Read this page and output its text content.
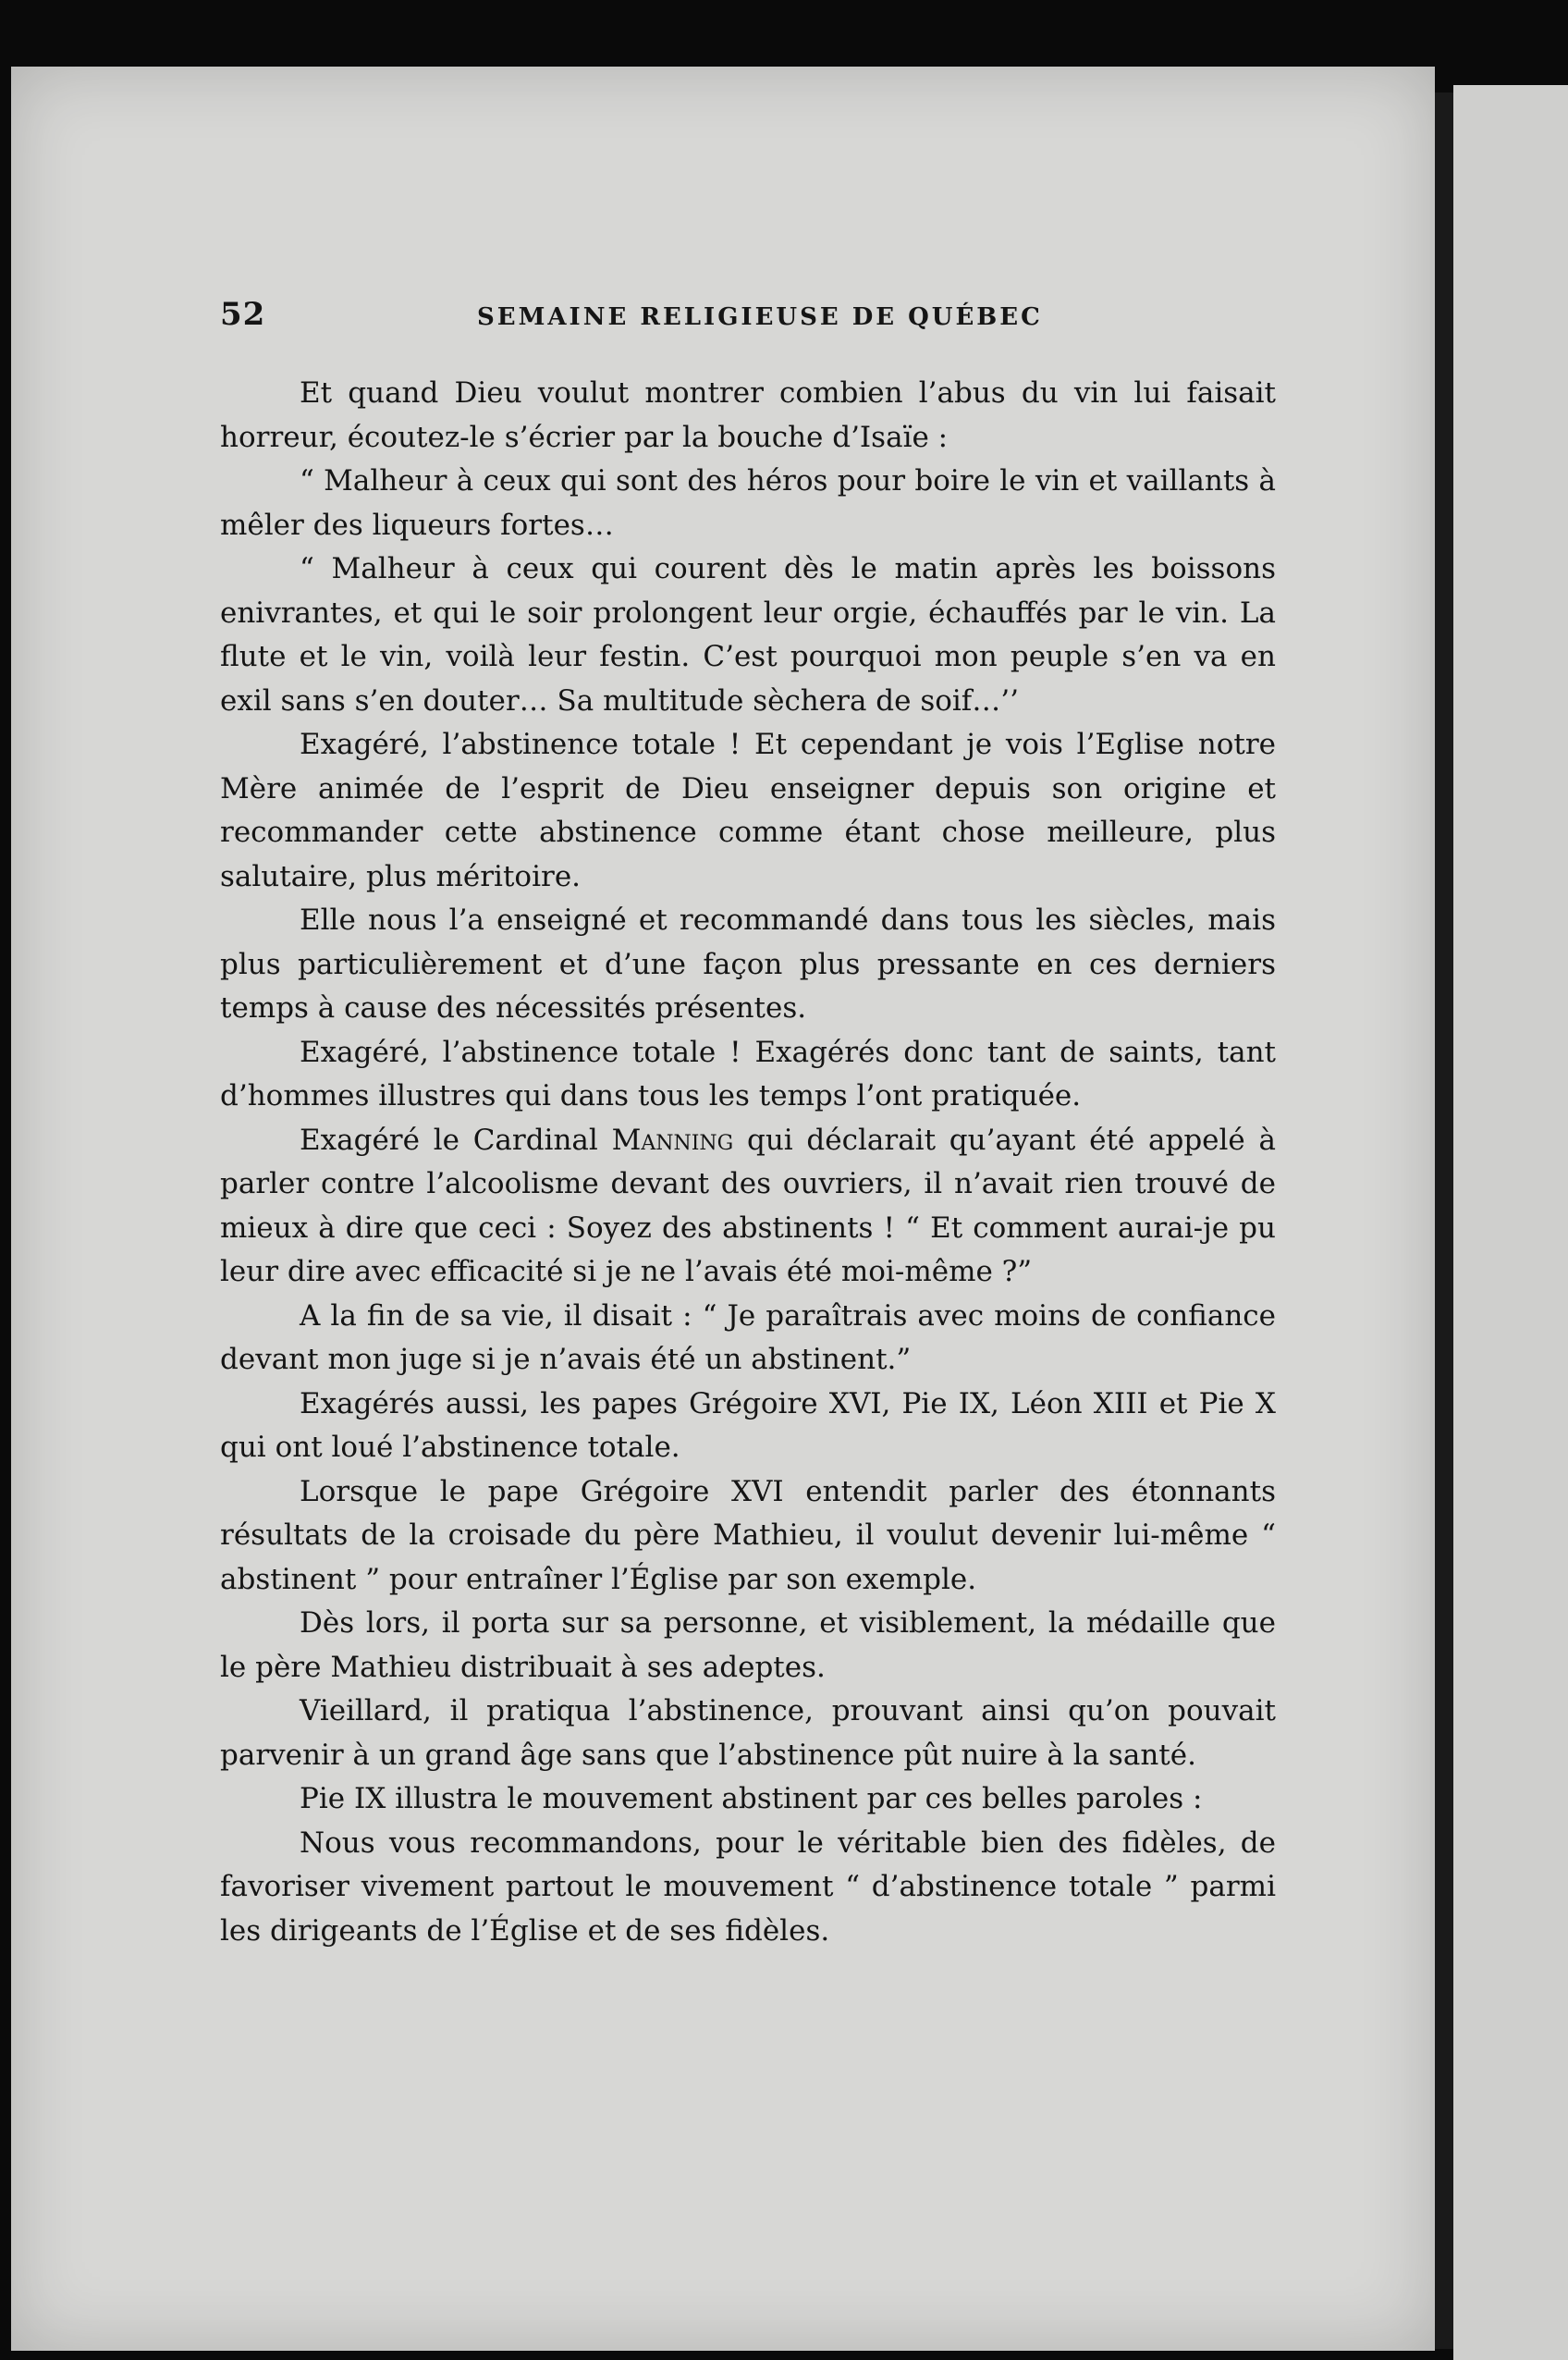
52	SEMAINE RELIGIEUSE DE QUÉBEC

Et quand Dieu voulut montrer combien l’abus du vin lui faisait horreur, écoutez-le s’écrier par la bouche d’Isaïe :

“ Malheur à ceux qui sont des héros pour boire le vin et vaillants à mêler des liqueurs fortes…

“ Malheur à ceux qui courent dès le matin après les boissons enivrantes, et qui le soir prolongent leur orgie, échauffés par le vin. La flute et le vin, voilà leur festin. C’est pourquoi mon peuple s’en va en exil sans s’en douter… Sa multitude sèchera de soif…’’

Exagéré, l’abstinence totale ! Et cependant je vois l’Eglise notre Mère animée de l’esprit de Dieu enseigner depuis son origine et recommander cette abstinence comme étant chose meilleure, plus salutaire, plus méritoire.

Elle nous l’a enseigné et recommandé dans tous les siècles, mais plus particulièrement et d’une façon plus pressante en ces derniers temps à cause des nécessités présentes.

Exagéré, l’abstinence totale ! Exagérés donc tant de saints, tant d’hommes illustres qui dans tous les temps l’ont pratiquée.

Exagéré le Cardinal Manning qui déclarait qu’ayant été appelé à parler contre l’alcoolisme devant des ouvriers, il n’avait rien trouvé de mieux à dire que ceci : Soyez des abstinents ! “ Et comment aurai-je pu leur dire avec efficacité si je ne l’avais été moi-même ?”

A la fin de sa vie, il disait : “ Je paraîtrais avec moins de confiance devant mon juge si je n’avais été un abstinent.”

Exagérés aussi, les papes Grégoire XVI, Pie IX, Léon XIII et Pie X qui ont loué l’abstinence totale.

Lorsque le pape Grégoire XVI entendit parler des étonnants résultats de la croisade du père Mathieu, il voulut devenir lui-même “ abstinent ” pour entraîner l’Église par son exemple.

Dès lors, il porta sur sa personne, et visiblement, la médaille que le père Mathieu distribuait à ses adeptes.

Vieillard, il pratiqua l’abstinence, prouvant ainsi qu’on pouvait parvenir à un grand âge sans que l’abstinence pût nuire à la santé.

Pie IX illustra le mouvement abstinent par ces belles paroles :

Nous vous recommandons, pour le véritable bien des fidèles, de favoriser vivement partout le mouvement “ d’abstinence totale ” parmi les dirigeants de l’Église et de ses fidèles.
